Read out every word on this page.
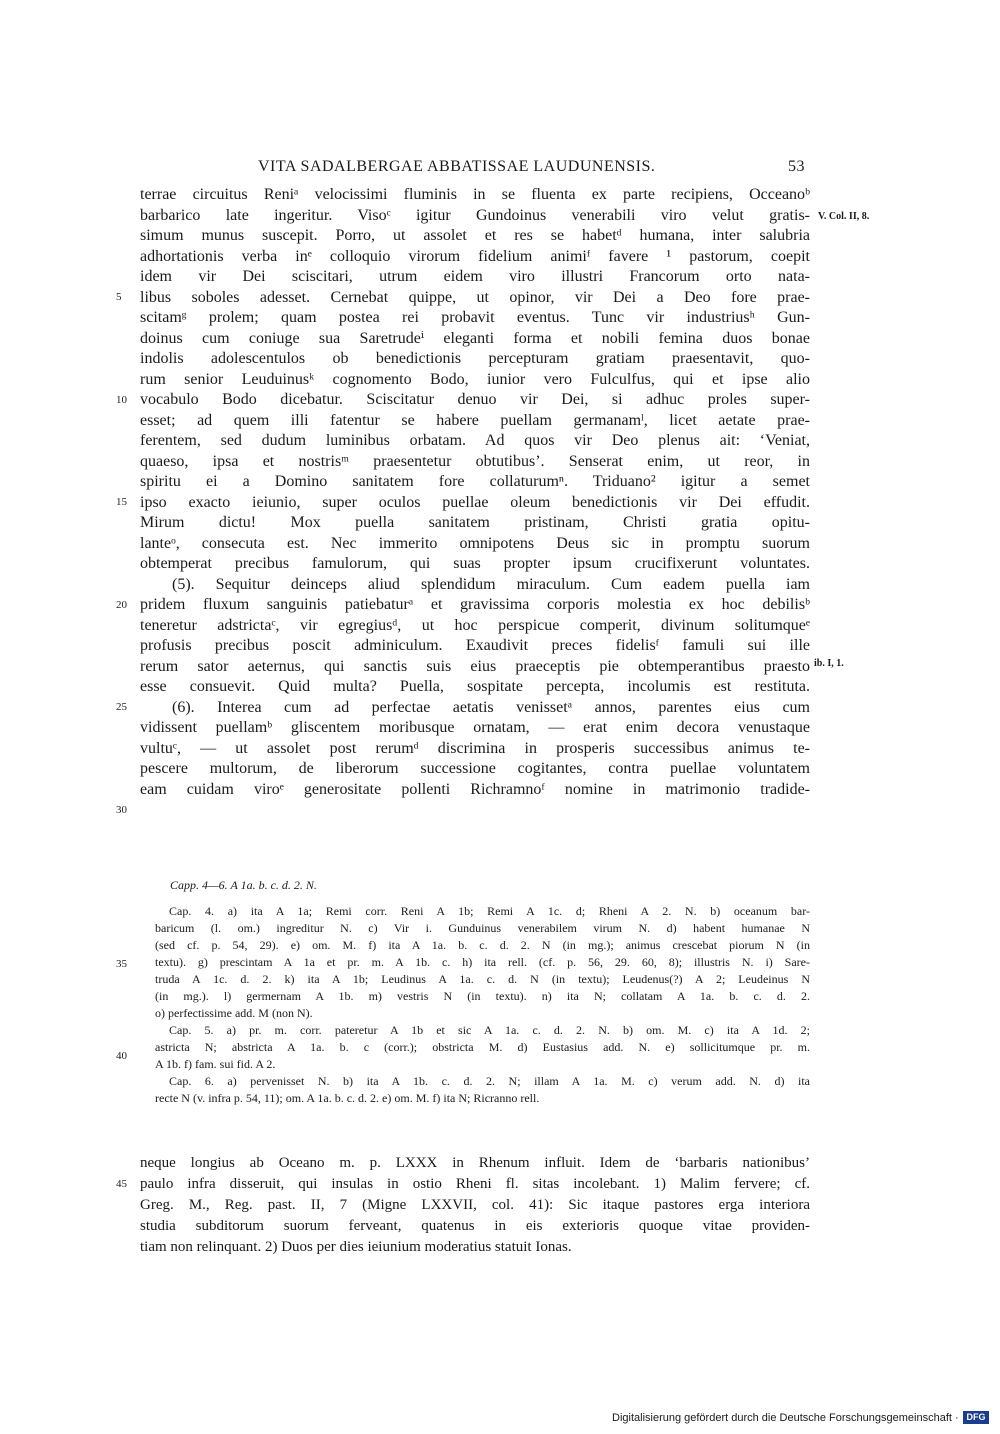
VITA SADALBERGAE ABBATISSAE LAUDUNENSIS.	53
terrae circuitus Reniᵃ velocissimi fluminis in se fluenta ex parte recipiens, Occeanoᵇ
barbarico late ingeritur. Visoᶜ igitur Gundoinus venerabili viro velut gratis-
simum munus suscepit. Porro, ut assolet et res se habetᵈ humana, inter salubria
adhortationis verba inᵉ colloquio virorum fidelium animiᶠ favere ¹ pastorum, coepit
idem vir Dei sciscitari, utrum eidem viro illustri Francorum orto nata-
libus soboles adesset. Cernebat quippe, ut opinor, vir Dei a Deo fore prae-
scitamᵍ prolem; quam postea rei probavit eventus. Tunc vir industriusʰ Gun-
doinus cum coniuge sua Saretrudeⁱ eleganti forma et nobili femina duos bonae
indolis adolescentulos ob benedictionis percepturam gratiam praesentavit, quo-
rum senior Leuduinusᵏ cognomento Bodo, iunior vero Fulculfus, qui et ipse alio
vocabulo Bodo dicebatur. Sciscitatur denuo vir Dei, si adhuc proles super-
esset; ad quem illi fatentur se habere puellam germanamˡ, licet aetate prae-
ferentem, sed dudum luminibus orbatam. Ad quos vir Deo plenus ait: ‘Veniat,
quaeso, ipsa et nostrisᵐ praesentetur obtutibus’. Senserat enim, ut reor, in
spiritu ei a Domino sanitatem fore collaturumⁿ. Triduano² igitur a semet
ipso exacto ieiunio, super oculos puellae oleum benedictionis vir Dei effudit.
Mirum dictu! Mox puella sanitatem pristinam, Christi gratia opitu-
lanteᵒ, consecuta est. Nec immerito omnipotens Deus sic in promptu suorum
obtemperat precibus famulorum, qui suas propter ipsum crucifixerunt voluntates.
(5). Sequitur deinceps aliud splendidum miraculum. Cum eadem puella iam
pridem fluxum sanguinis patiebaturᵃ et gravissima corporis molestia ex hoc debilisᵇ
teneretur adstrictaᶜ, vir egregiusᵈ, ut hoc perspicue comperit, divinum solitumqueᵉ
profusis precibus poscit adminiculum. Exaudivit preces fidelisᶠ famuli sui ille
rerum sator aeternus, qui sanctis suis eius praeceptis pie obtemperantibus praesto
esse consuevit. Quid multa? Puella, sospitate percepta, incolumis est restituta.
(6). Interea cum ad perfectae aetatis venissetᵃ annos, parentes eius cum
vidissent puellamᵇ gliscentem moribusque ornatam, — erat enim decora venustaque
vultuᶜ, — ut assolet post rerumᵈ discrimina in prosperis successibus animus te-
pescere multorum, de liberorum successione cogitantes, contra puellae voluntatem
eam cuidam viroᵉ generositate pollenti Richramnoᶠ nomine in matrimonio tradide-
5
10
15
20
25
30
V. Col. II, 8.
ib. I, 1.
Capp. 4—6. A 1a. b. c. d. 2. N.
Cap. 4. a) ita A 1a; Remi corr. Reni A 1b; Remi A 1c. d; Rheni A 2. N. b) oceanum bar-
baricum (l. om.) ingreditur N. c) Vir i. Gunduinus venerabilem virum N. d) habent humanae N
(sed cf. p. 54, 29). e) om. M. f) ita A 1a. b. c. d. 2. N (in mg.); animus crescebat piorum N (in
textu). g) prescintam A 1a et pr. m. A 1b. c. h) ita rell. (cf. p. 56, 29. 60, 8); illustris N. i) Sare-
truda A 1c. d. 2. k) ita A 1b; Leudinus A 1a. c. d. N (in textu); Leudenus(?) A 2; Leudeinus N
(in mg.). l) germernam A 1b. m) vestris N (in textu). n) ita N; collatam A 1a. b. c. d. 2.
o) perfectissime add. M (non N).
Cap. 5. a) pr. m. corr. pateretur A 1b et sic A 1a. c. d. 2. N. b) om. M. c) ita A 1d. 2;
astricta N; abstricta A 1a. b. c (corr.); obstricta M. d) Eustasius add. N. e) sollicitumque pr. m.
A 1b. f) fam. sui fid. A 2.
Cap. 6. a) pervenisset N. b) ita A 1b. c. d. 2. N; illam A 1a. M. c) verum add. N. d) ita
recte N (v. infra p. 54, 11); om. A 1a. b. c. d. 2. e) om. M. f) ita N; Ricranno rell.
35
40
neque longius ab Oceano m. p. LXXX in Rhenum influit. Idem de ‘barbaris nationibus’
paulo infra disseruit, qui insulas in ostio Rheni fl. sitas incolebant. 1) Malim fervere; cf.
Greg. M., Reg. past. II, 7 (Migne LXXVII, col. 41): Sic itaque pastores erga interiora
studia subditorum suorum ferveant, quatenus in eis exterioris quoque vitae providen-
tiam non relinquant. 2) Duos per dies ieiunium moderatius statuit Ionas.
45
Digitalisierung gefördert durch die Deutsche Forschungsgemeinschaft · DFG
